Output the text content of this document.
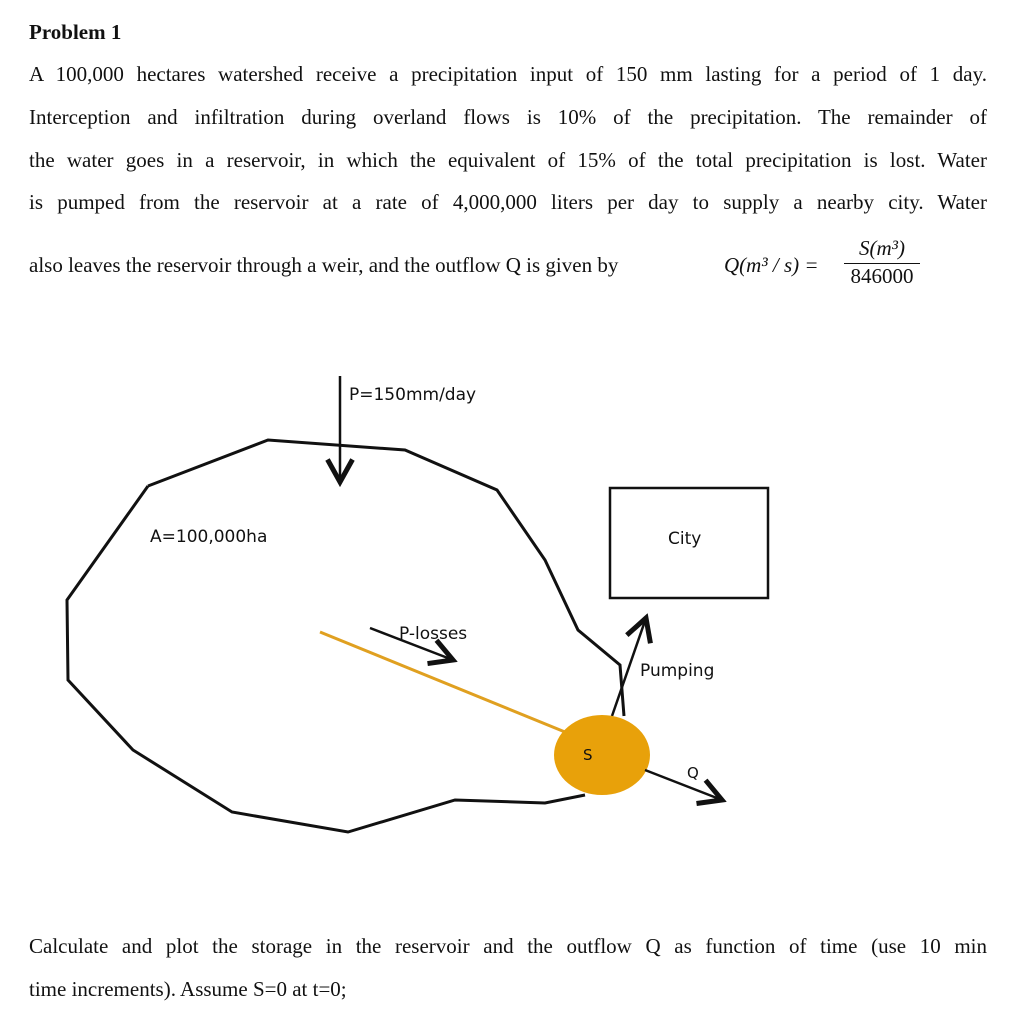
Problem 1
A 100,000 hectares watershed receive a precipitation input of 150 mm lasting for a period of 1 day.
Interception and infiltration during overland flows is 10% of the precipitation. The remainder of
the water goes in a reservoir, in which the equivalent of 15% of the total precipitation is lost. Water
is pumped from the reservoir at a rate of 4,000,000 liters per day to supply a nearby city. Water
also leaves the reservoir through a weir, and the outflow Q is given by	$Q(m^3 / s) = \frac{\text{S(m³)}}{846000}$
P=150mm/day
A=100,000ha
P-losses
City
Pumping
S
Q
Calculate and plot the storage in the reservoir and the outflow Q as function of time (use 10 min
time increments). Assume S=0 at t=0;
